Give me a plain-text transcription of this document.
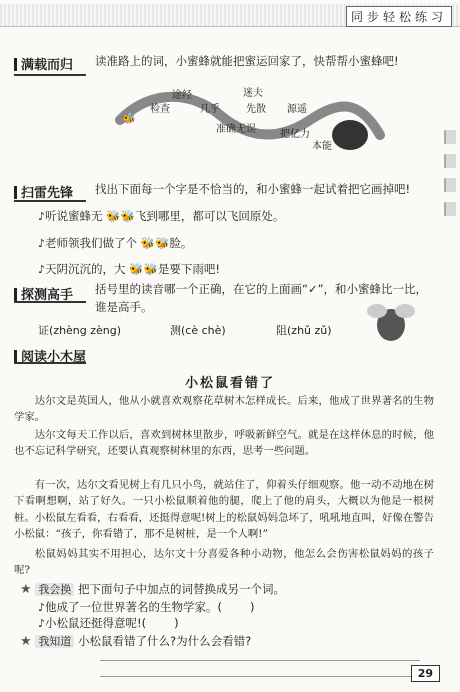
同步轻松练习
满载而归 读准路上的词，小蜜蜂就能把蜜运回家了，快帮帮小蜜蜂吧!
🐝
途经
检查	几乎
迷夫
先散 源遥
准确无误 把亿力
本能
扫雷先锋 找出下面每一个字是不恰当的，和小蜜蜂一起试着把它画掉吧!
♪听说蜜蜂无 🐝🐝飞到哪里，都可以飞回原处。
♪老师领我们做了个 🐝🐝脸。
♪天阴沉沉的，大 🐝🐝是要下雨吧!
探测高手 括号里的读音哪一个正确，在它的上面画“✓”，和小蜜蜂比一比，
谁是高手。
证(zhèng zèng)	测(cè chè)	阻(zhǔ zǔ)
阅读小木屋
小松鼠看错了
达尔文是英国人，他从小就喜欢观察花草树木怎样成长。后来，他成了世界著名的生物学家。
达尔文每天工作以后，喜欢到树林里散步，呼吸新鲜空气。就是在这样休息的时候，他也不忘记科学研究，还要认真观察树林里的东西，思考一些问题。
有一次，达尔文看见树上有几只小鸟，就站住了，仰着头仔细观察。他一动不动地在树下看啊想啊，站了好久。一只小松鼠顺着他的腿，爬上了他的肩头，大概以为他是一根树桩。小松鼠左看看，右看看，还挺得意呢!树上的松鼠妈妈急坏了，吼吼地直叫，好像在警告小松鼠：“孩子，你看错了，那不是树桩，是一个人啊!”
松鼠妈妈其实不用担心，达尔文十分喜爱各种小动物，他怎么会伤害松鼠妈妈的孩子呢?
★ 我会换 把下面句子中加点的词替换成另一个词。
♪他成了一位世界著名的生物学家。( )
♪小松鼠还挺得意呢!( )
★ 我知道 小松鼠看错了什么?为什么会看错?
29
